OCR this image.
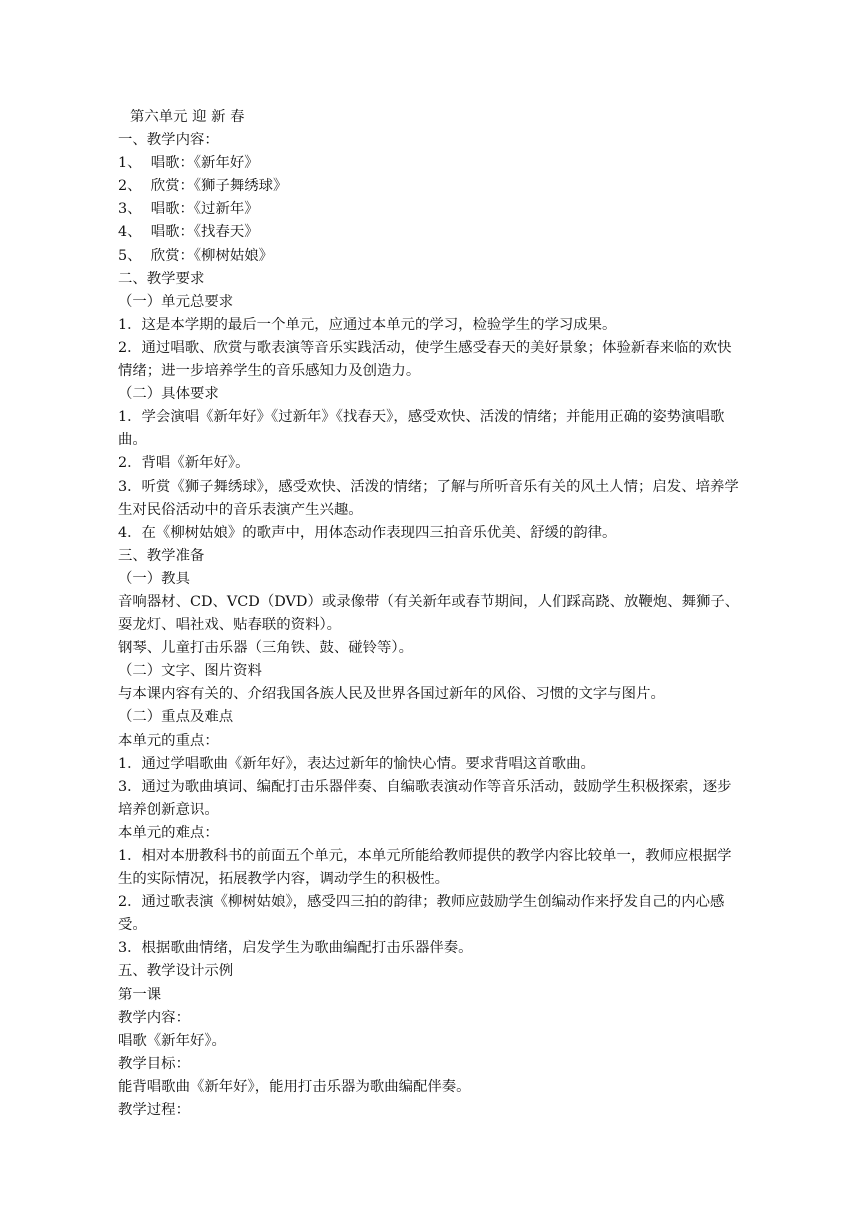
第六单元 迎 新 春
一、教学内容：
1、  唱歌：《新年好》
2、  欣赏：《狮子舞绣球》
3、  唱歌：《过新年》
4、  唱歌：《找春天》
5、  欣赏：《柳树姑娘》
二、教学要求
（一）单元总要求
1．这是本学期的最后一个单元，应通过本单元的学习，检验学生的学习成果。
2．通过唱歌、欣赏与歌表演等音乐实践活动，使学生感受春天的美好景象；体验新春来临的欢快情绪；进一步培养学生的音乐感知力及创造力。
（二）具体要求
1．学会演唱《新年好》《过新年》《找春天》，感受欢快、活泼的情绪；并能用正确的姿势演唱歌曲。
2．背唱《新年好》。
3．听赏《狮子舞绣球》，感受欢快、活泼的情绪；了解与所听音乐有关的风土人情；启发、培养学生对民俗活动中的音乐表演产生兴趣。
4．在《柳树姑娘》的歌声中，用体态动作表现四三拍音乐优美、舒缓的韵律。
三、教学准备
（一）教具
音响器材、CD、VCD（DVD）或录像带（有关新年或春节期间，人们踩高跷、放鞭炮、舞狮子、耍龙灯、唱社戏、贴春联的资料）。
钢琴、儿童打击乐器（三角铁、鼓、碰铃等）。
（二）文字、图片资料
与本课内容有关的、介绍我国各族人民及世界各国过新年的风俗、习惯的文字与图片。
（二）重点及难点
本单元的重点：
1．通过学唱歌曲《新年好》，表达过新年的愉快心情。要求背唱这首歌曲。
3．通过为歌曲填词、编配打击乐器伴奏、自编歌表演动作等音乐活动，鼓励学生积极探索，逐步培养创新意识。
本单元的难点：
1．相对本册教科书的前面五个单元，本单元所能给教师提供的教学内容比较单一，教师应根据学生的实际情况，拓展教学内容，调动学生的积极性。
2．通过歌表演《柳树姑娘》，感受四三拍的韵律；教师应鼓励学生创编动作来抒发自己的内心感受。
3．根据歌曲情绪，启发学生为歌曲编配打击乐器伴奏。
五、教学设计示例
第一课
教学内容：
唱歌《新年好》。
教学目标：
能背唱歌曲《新年好》，能用打击乐器为歌曲编配伴奏。
教学过程：
